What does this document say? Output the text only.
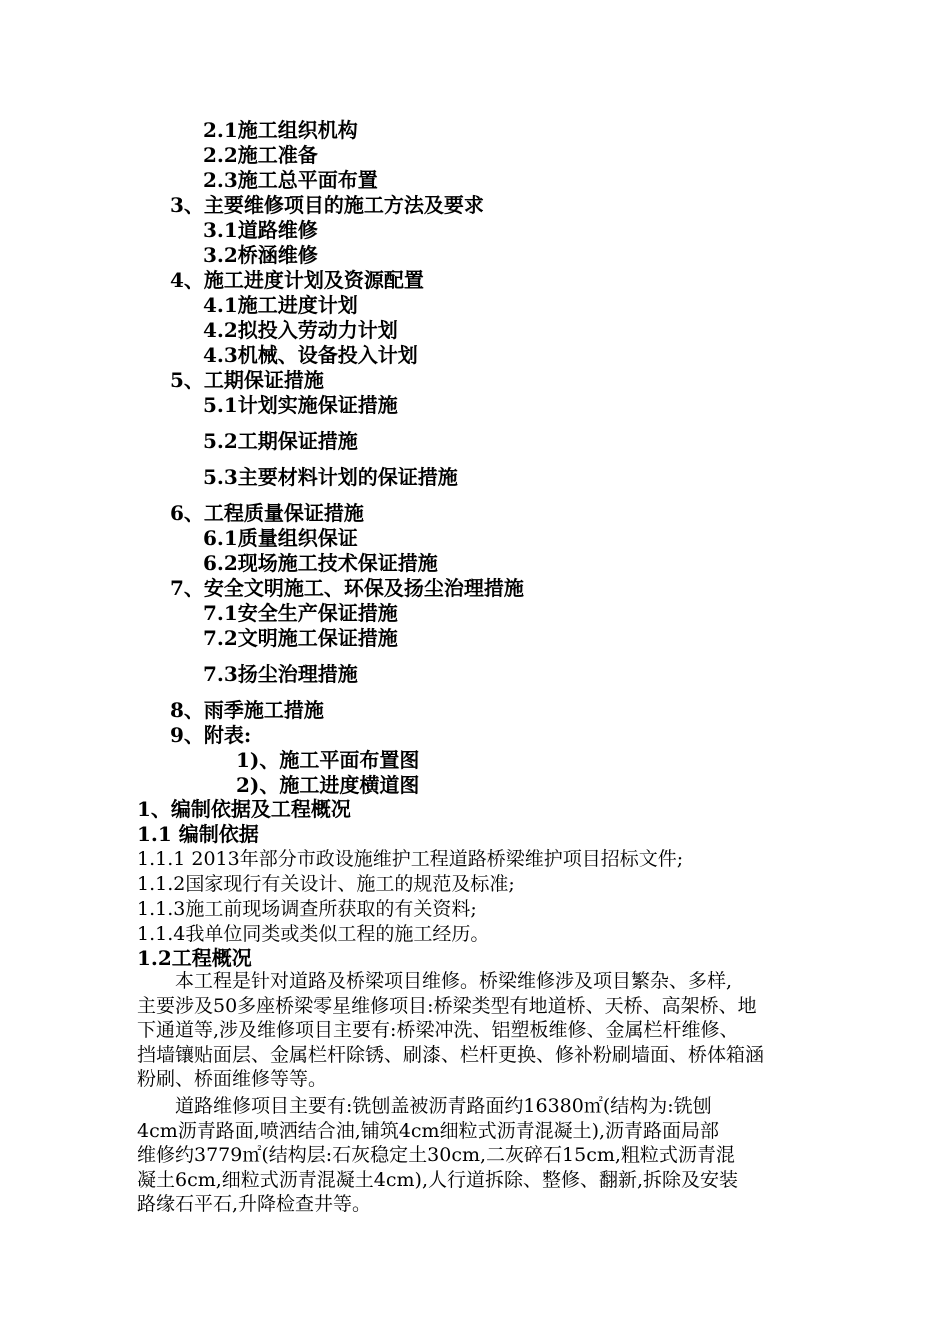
2.1施工组织机构
2.2施工准备
2.3施工总平面布置
3、主要维修项目的施工方法及要求
3.1道路维修
3.2桥涵维修
4、施工进度计划及资源配置
4.1施工进度计划
4.2拟投入劳动力计划
4.3机械、设备投入计划
5、工期保证措施
5.1计划实施保证措施
5.2工期保证措施
5.3主要材料计划的保证措施
6、工程质量保证措施
6.1质量组织保证
6.2现场施工技术保证措施
7、安全文明施工、环保及扬尘治理措施
7.1安全生产保证措施
7.2文明施工保证措施
7.3扬尘治理措施
8、雨季施工措施
9、附表:
1)、施工平面布置图
2)、施工进度横道图
1、编制依据及工程概况
1.1 编制依据
1.1.1 2013年部分市政设施维护工程道路桥梁维护项目招标文件;
1.1.2国家现行有关设计、施工的规范及标准;
1.1.3施工前现场调查所获取的有关资料;
1.1.4我单位同类或类似工程的施工经历。
1.2工程概况
本工程是针对道路及桥梁项目维修。桥梁维修涉及项目繁杂、多样,
主要涉及50多座桥梁零星维修项目:桥梁类型有地道桥、天桥、高架桥、地
下通道等,涉及维修项目主要有:桥梁冲洗、铝塑板维修、金属栏杆维修、
挡墙镶贴面层、金属栏杆除锈、刷漆、栏杆更换、修补粉刷墙面、桥体箱涵
粉刷、桥面维修等等。
道路维修项目主要有:铣刨盖被沥青路面约16380㎡(结构为:铣刨
4cm沥青路面,喷洒结合油,铺筑4cm细粒式沥青混凝土),沥青路面局部
维修约3779㎡(结构层:石灰稳定土30cm,二灰碎石15cm,粗粒式沥青混
凝土6cm,细粒式沥青混凝土4cm),人行道拆除、整修、翻新,拆除及安装
路缘石平石,升降检查井等。
